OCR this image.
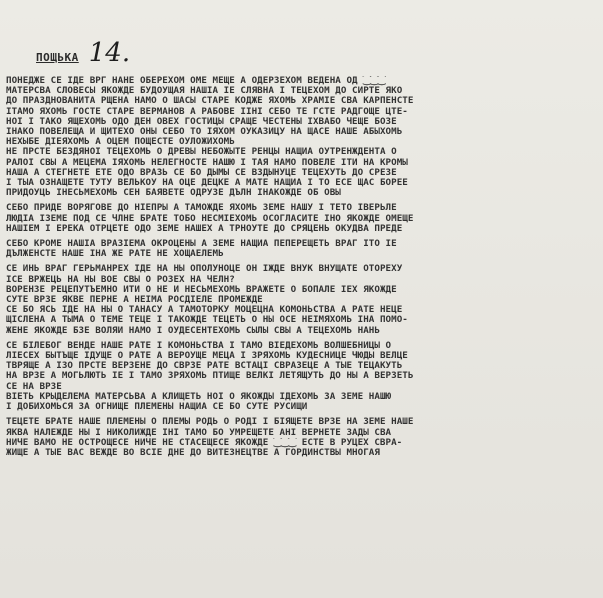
ПОЩЬКА 14.
ПОНЕДЖЕ СЕ ІДЕ ВРГ НАНЕ ОБЕРЕХОМ ОМЕ МЕЩЕ А ОДЕРЗЕХОМ ВЕДЕНА ОД ⁐⁐⁐
МАТЕРСВА СЛОВЕСЫ ЯКОЖДЕ БУДОУЩАЯ НАШІА ІЕ СЛЯВНА І ТЕЦЕХОМ ДО СИРТЕ ЯКО
ДО ПРАЗДНОВАНИТА РЩЕНА НАМО О ШАСЫ СТАРЕ КОДЖЕ ЯХОМЬ ХРАМІЕ СВА КАРПЕНСТЕ
ІТАМО ЯХОМЬ ГОСТЕ СТАРЕ ВЕРМАНОВ А РАБОВЕ ІІНІ СЕБО ТЕ ГСТЕ РАДГОЩЕ ЦТЕ-
НОІ І ТАКО ЯЩЕХОМЬ ОДО ДЕН ОВЕХ ГОСТИЦЫ СРАЩЕ ЧЕСТЕНЫ ІХВАБО ЧЕЩЕ БОЗЕ
ІНАКО ПОВЕЛЕЩА И ЩИТЕХО ОНЫ СЕБО ТО ІЯХОМ ОУКАЗИЦУ НА ЩАСЕ НАШЕ АБЫХОМЬ
НЕХЫБЕ ДІЕЯХОМЬ А ОЦЕМ ПОЩЕСТЕ ОУЛОЖИХОМЬ
НЕ ПРСТЕ БЕЗДЯНОІ ТЕЦЕХОМЬ О ДРЕВЫ НЕБОЖЫТЕ РЕНЦЫ НАЩИА ОУТРЕНЖДЕНТА О
РАЛОІ СВЫ А МЕЦЕМА ІЯХОМЬ НЕЛЕГНОСТЕ НАШЮ І ТАЯ НАМО ПОВЕЛЕ ІТИ НА КРОМЫ
НАША А СТЕГНЕТЕ ЕТЕ ОДО ВРАЗЬ СЕ БО ДЫМЫ СЕ ВЗДЫНУЦЕ ТЕЦЕХУТЬ ДО СРЕЗЕ
І ТЫА ОЗНАЩЕТЕ ТУТУ ВЕЛЬКОУ НА ОЦЕ ДЕЦКЕ А МАТЕ НАЩИА І ТО ЕСЕ ЩАС БОРЕЕ
ПРИДОУЦЬ ІНЕСЬМЕХОМЬ СЕН БАЯВЕТЕ ОДРУЗЕ ДЪЛН ІНАКОЖДЕ ОБ ОВЫ
СЕБО ПРИДЕ ВОРЯГОВЕ ДО НІЕПРЫ А ТАМОЖДЕ ЯХОМЬ ЗЕМЕ НАШУ І ТЕТО ІВЕРЬЛЕ
ЛЮДІА ІЗЕМЕ ПОД СЕ ЧЛНЕ БРАТЕ ТОБО НЕСМІЕХОМЬ ОСОГЛАСИТЕ ІНО ЯКОЖДЕ ОМЕЩЕ
НАШІЕМ І ЕРЕКА ОТРЦЕТЕ ОДО ЗЕМЕ НАШЕХ А ТРНОУТЕ ДО СРЯЦЕНЬ ОКУДВА ПРЕДЕ
СЕБО КРОМЕ НАШІА ВРАЗІЕМА ОКРОЦЕНЫ А ЗЕМЕ НАЩИА ПЕПЕРЕЩЕТЬ ВРАГ ІТО ІЕ
ДЪЛЖЕНСТЕ НАШЕ ІНА ЖЕ РАТЕ НЕ ХОЩАЕЛЕМЬ
СЕ ИНЬ ВРАГ ГЕРЬМАНРЕХ ІДЕ НА НЫ ОПОЛУНОЦЕ ОН ІЖДЕ ВНУК ВНУЩАТЕ ОТОРЕХУ
ІСЕ ВРЖЕЦЬ НА НЫ ВОЕ СВЫ О РОЗЕХ НА ЧЕЛН?
ВОРЕНЗЕ РЕЦЕПУТЪЕМНО ИТИ О НЕ И НЕСЬМЕХОМЬ ВРАЖЕТЕ О БОПАЛЕ ІЕХ ЯКОЖДЕ
СУТЕ ВРЗЕ ЯКВЕ ПЕРНЕ А НЕІМА РОСДІЕЛЕ ПРОМЕЖДЕ
СЕ БО ЯСЬ ІДЕ НА НЫ О ТАНАСУ А ТАМОТОРКУ МОЦЕЦНА КОМОНЬСТВА А РАТЕ НЕЦЕ
ЩІСЛЕНА А ТЫМА О ТЕМЕ ТЕЦЕ І ТАКОЖДЕ ТЕЦЕТЬ О НЫ ОСЕ НЕІМЯХОМЬ ІНА ПОМО-
ЖЕНЕ ЯКОЖДЕ БЗЕ ВОЛЯЙ НАМО І ОУДЕСЕНТЕХОМЬ СЫЛЫ СВЫ А ТЕЦЕХОМЬ НАНЬ
СЕ БІЛЕБОГ ВЕНДЕ НАШЕ РАТЕ І КОМОНЬСТВА І ТАМО ВІЕДЕХОМЬ ВОЛШЕБНИЦЫ О
ЛІЕСЕХ БЫТЪЩЕ ІДУЩЕ О РАТЕ А ВЕРОУЩЕ МЕЦА І ЗРЯХОМЬ КУДЕСНИЦЕ ЧЮДЫ ВЕЛЦЕ
ТВРЯЩЕ А ІЗО ПРСТЕ ВЕРЗЕНЕ ДО СВРЗЕ РАТЕ ВСТАЦІ СВРАЗЕЦЕ А ТЫЕ ТЕЦАКУТЬ
НА ВРЗЕ А МОГЬЛЮТЬ ІЕ І ТАМО ЗРЯХОМЬ ПТИЩЕ ВЕЛКІ ЛЕТЯЩУТЬ ДО НЫ А ВЕРЗЕТЬ
СЕ НА ВРЗЕ
ВІЕТЬ КРЫДЕЛЕМА МАТЕРСЬВА А КЛИЩЕТЬ НОІ О ЯКОЖДЫ ІДЕХОМЬ ЗА ЗЕМЕ НАШЮ
І ДОБИХОМЬСЯ ЗА ОГНИЩЕ ПЛЕМЕНЫ НАЩИА СЕ БО СУТЕ РУСИЩИ
ТЕЦЕТЕ БРАТЕ НАШЕ ПЛЕМЕНЫ О ПЛЕМЫ РОДЬ О РОДІ І БІЯЩЕТЕ ВРЗЕ НА ЗЕМЕ НАШЕ
ЯКВА НАЛЕЖДЕ НЫ І НИКОЛИЖДЕ ІНІ ТАМО БО УМРЕЩЕТЕ АНІ ВЕРНЕТЕ ЗАДЫ СВА
НИЧЕ ВАМО НЕ ОСТРОЩЕСЕ НИЧЕ НЕ СТАСЕЩЕСЕ ЯКОЖДЕ ⁐⁐⁐ ЕСТЕ В РУЦЕХ СВРА-
ЖИЩЕ А ТЫЕ ВАС ВЕЖДЕ ВО ВСІЕ ДНЕ ДО ВИТЕЗНЕЦТВЕ А ГОРДИНСТВЫ МНОГАЯ
